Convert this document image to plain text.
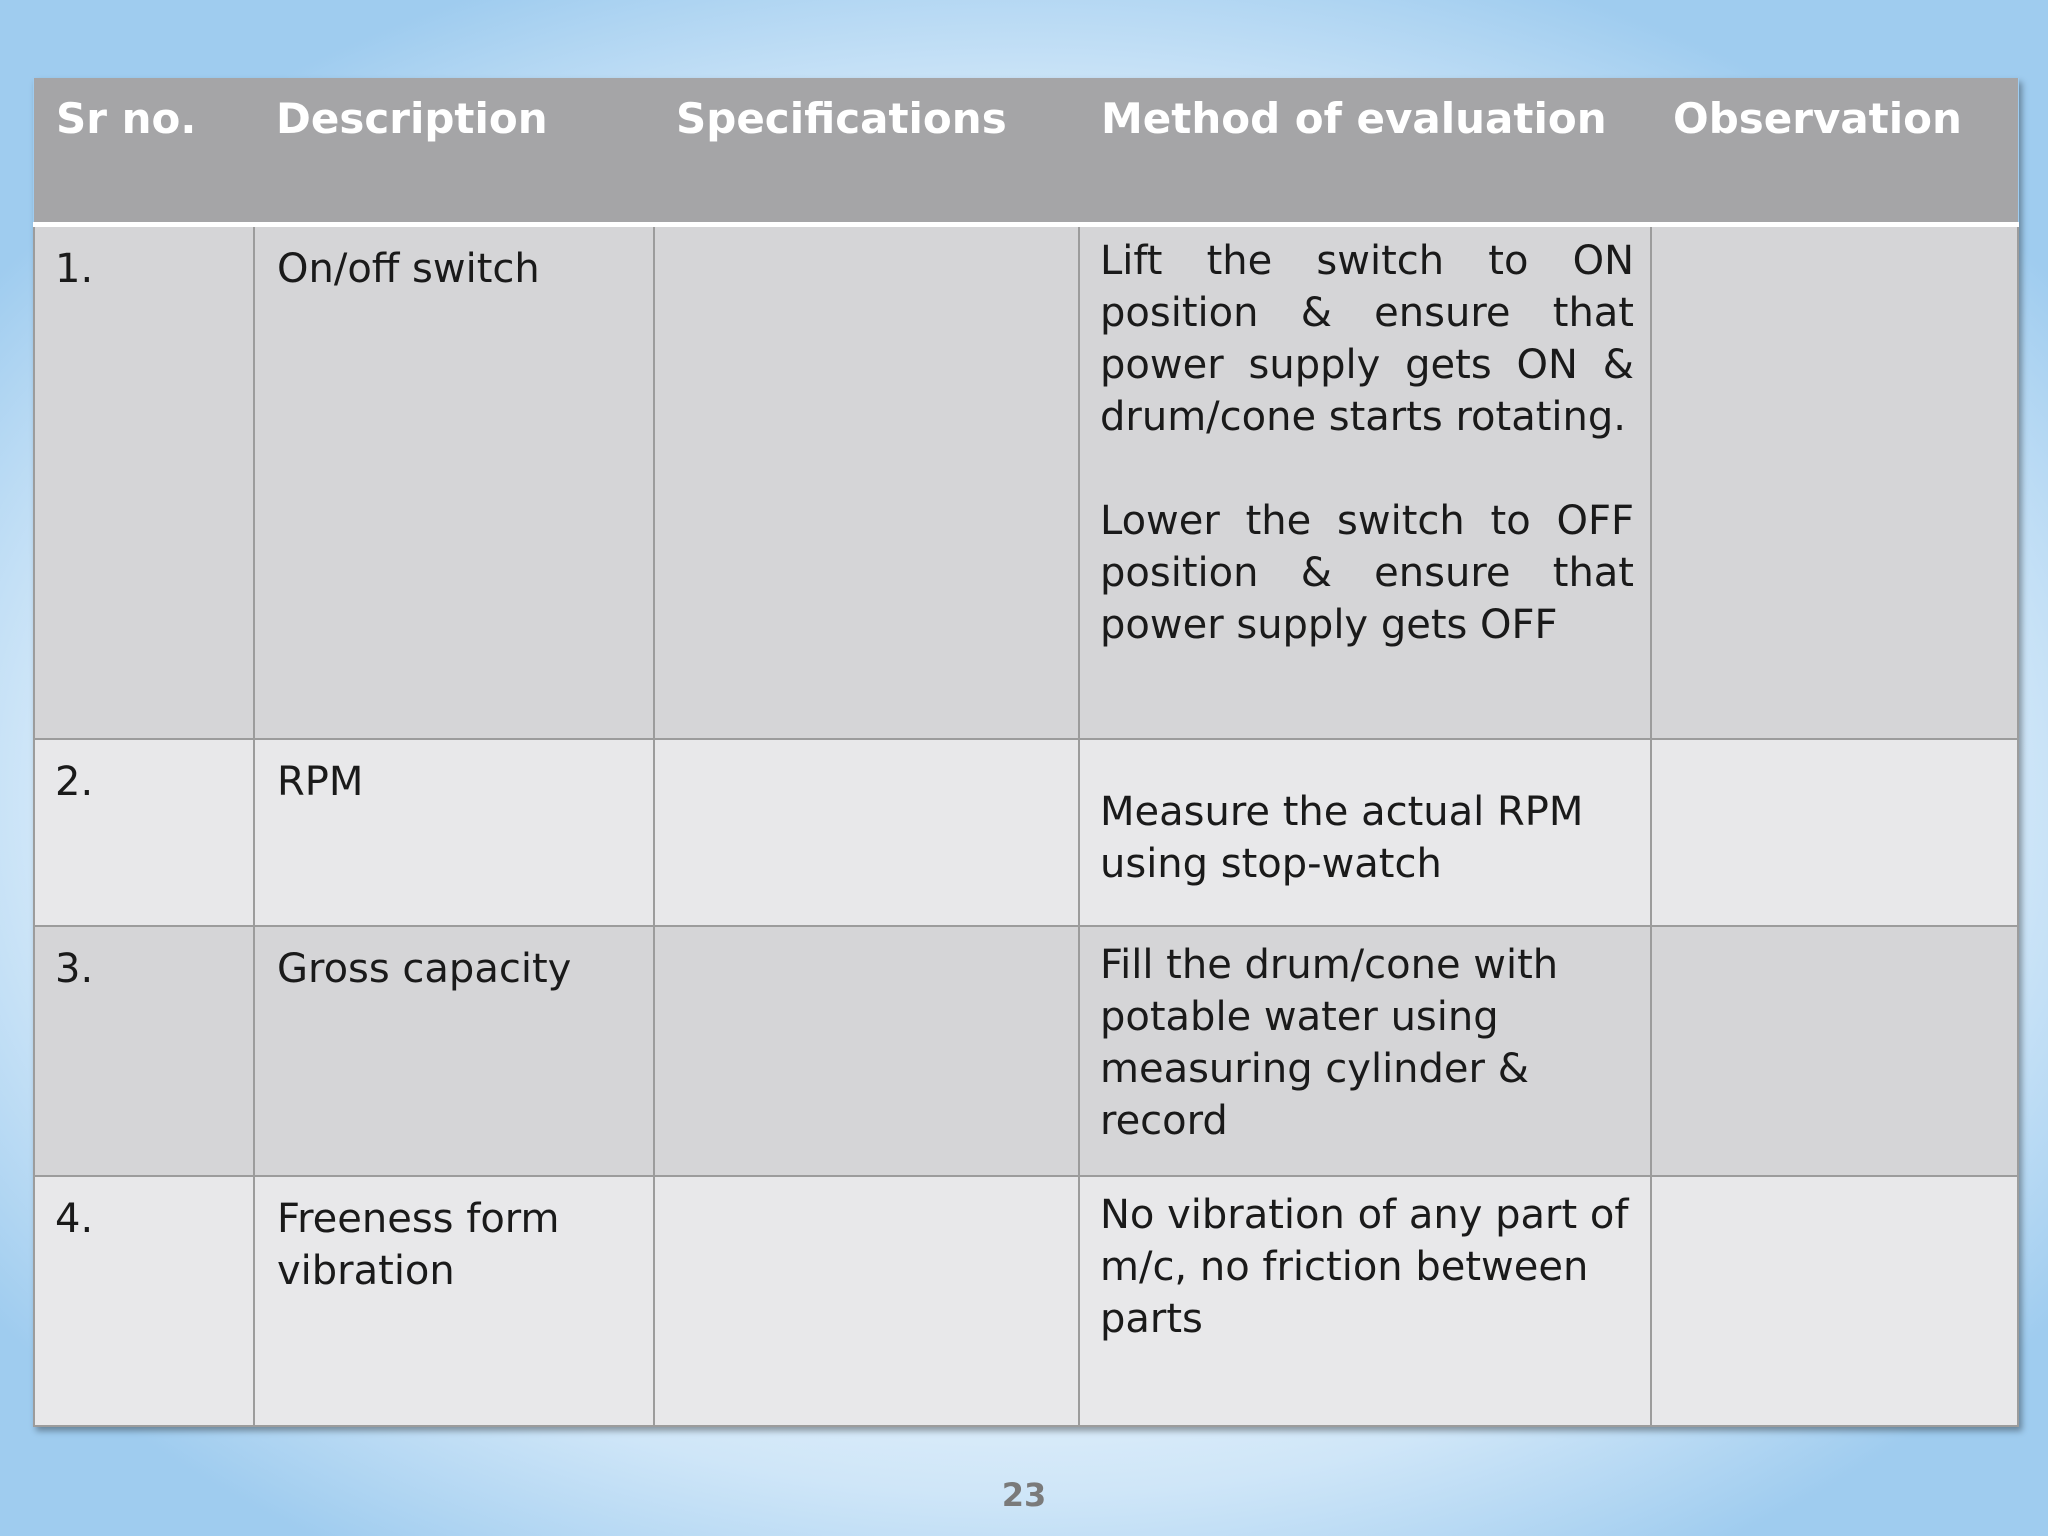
Sr no.	Description	Specifications	Method of evaluation	Observation
1.	On/off switch		Lift the switch to ON position & ensure that power supply gets ON & drum/cone starts rotating.
Lower the switch to OFF position & ensure that power supply gets OFF	

2.	RPM		Measure the actual RPM using stop-watch	

3.	Gross capacity		Fill the drum/cone with potable water using measuring cylinder & record	

4.	Freeness form vibration		No vibration of any part of m/c, no friction between parts	

23
